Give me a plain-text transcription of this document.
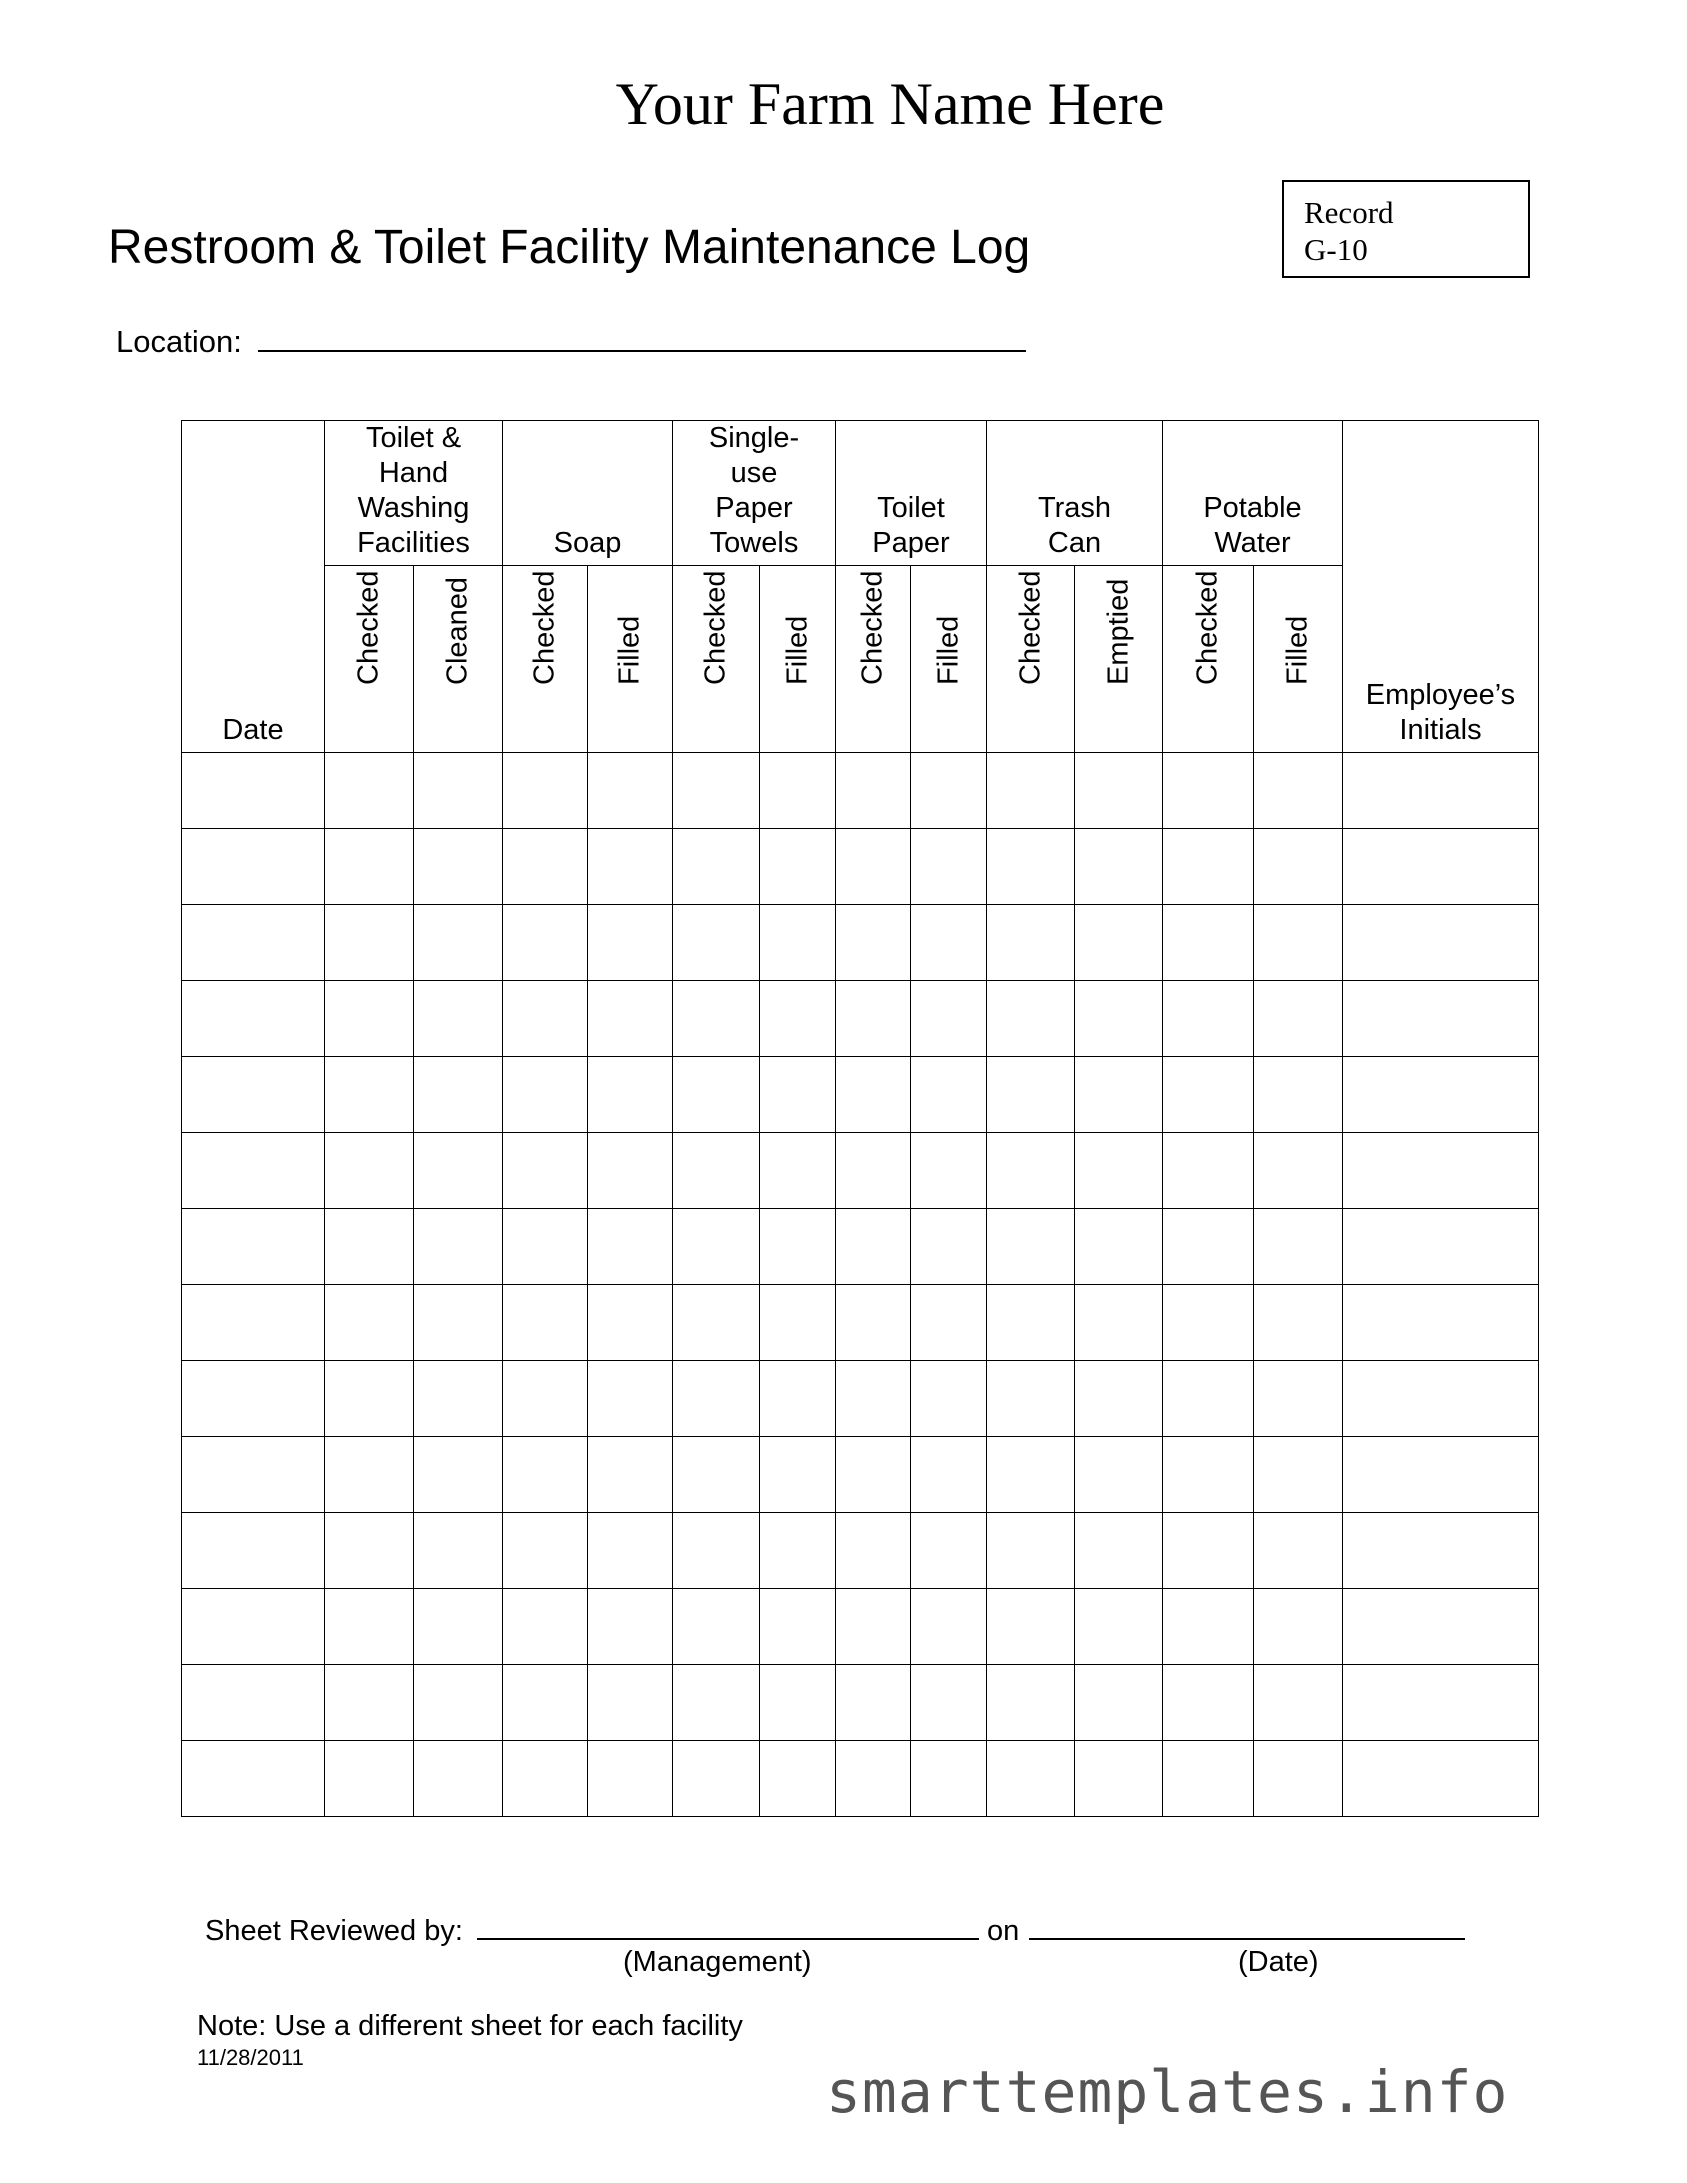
Your Farm Name Here
Restroom & Toilet Facility Maintenance Log
Record
G-10
Location:
Date	Toilet &
Hand
Washing
Facilities		Soap		Single-
use
Paper
Towels		Toilet
Paper		Trash
Can		Potable
Water		Employee’s
Initials

	Checked	Cleaned	Checked	Filled	Checked	Filled	Checked	Filled	Checked	Emptied	Checked	Filled	

Sheet Reviewed by:	on
(Management)	(Date)
Note: Use a different sheet for each facility
11/28/2011
smarttemplates.info
